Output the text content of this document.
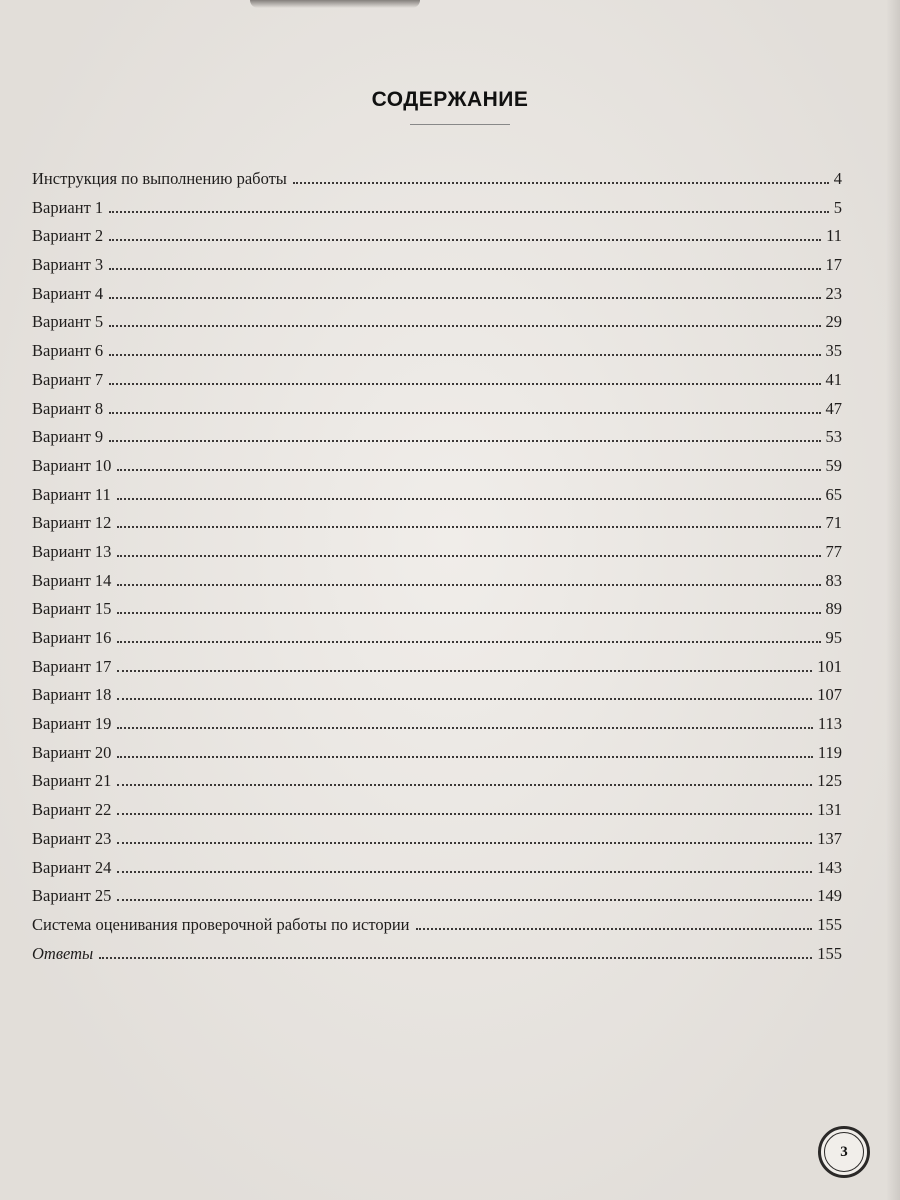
СОДЕРЖАНИЕ
Инструкция по выполнению работы	4
Вариант 1	5
Вариант 2	11
Вариант 3	17
Вариант 4	23
Вариант 5	29
Вариант 6	35
Вариант 7	41
Вариант 8	47
Вариант 9	53
Вариант 10	59
Вариант 11	65
Вариант 12	71
Вариант 13	77
Вариант 14	83
Вариант 15	89
Вариант 16	95
Вариант 17	101
Вариант 18	107
Вариант 19	113
Вариант 20	119
Вариант 21	125
Вариант 22	131
Вариант 23	137
Вариант 24	143
Вариант 25	149
Система оценивания проверочной работы по истории	155
Ответы	155
3
